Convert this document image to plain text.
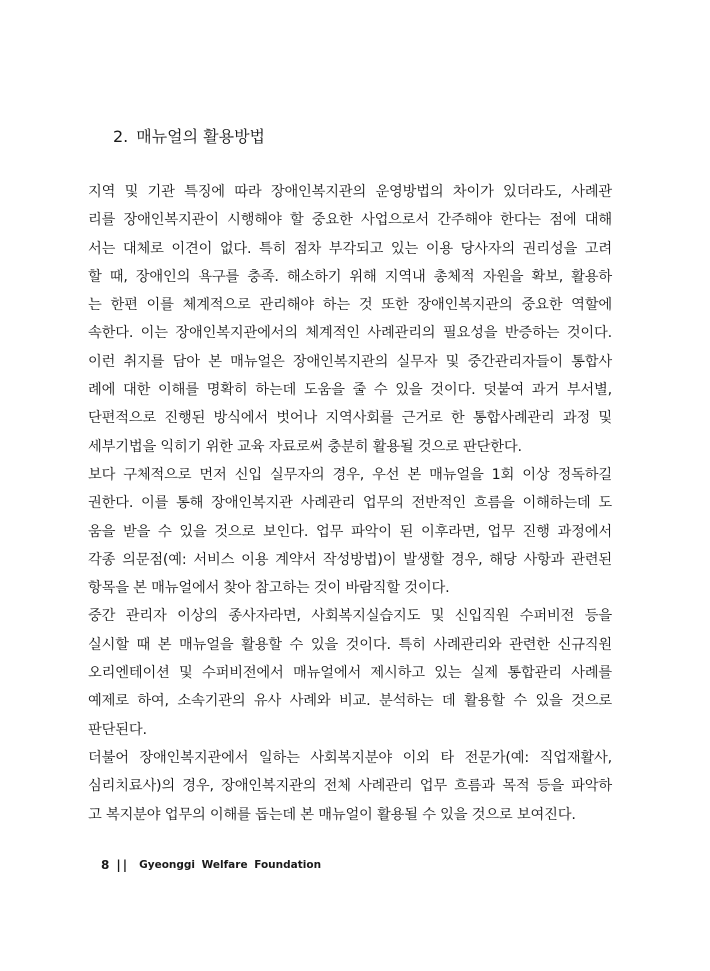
2. 매뉴얼의 활용방법
지역 및 기관 특징에 따라 장애인복지관의 운영방법의 차이가 있더라도, 사례관
리를 장애인복지관이 시행해야 할 중요한 사업으로서 간주해야 한다는 점에 대해
서는 대체로 이견이 없다. 특히 점차 부각되고 있는 이용 당사자의 권리성을 고려
할 때, 장애인의 욕구를 충족. 해소하기 위해 지역내 총체적 자원을 확보, 활용하
는 한편 이를 체계적으로 관리해야 하는 것 또한 장애인복지관의 중요한 역할에
속한다. 이는 장애인복지관에서의 체계적인 사례관리의 필요성을 반증하는 것이다.
이런 취지를 담아 본 매뉴얼은 장애인복지관의 실무자 및 중간관리자들이 통합사
례에 대한 이해를 명확히 하는데 도움을 줄 수 있을 것이다. 덧붙여 과거 부서별,
단편적으로 진행된 방식에서 벗어나 지역사회를 근거로 한 통합사례관리 과정 및
세부기법을 익히기 위한 교육 자료로써 충분히 활용될 것으로 판단한다.
보다 구체적으로 먼저 신입 실무자의 경우, 우선 본 매뉴얼을 1회 이상 정독하길
권한다. 이를 통해 장애인복지관 사례관리 업무의 전반적인 흐름을 이해하는데 도
움을 받을 수 있을 것으로 보인다. 업무 파악이 된 이후라면, 업무 진행 과정에서
각종 의문점(예: 서비스 이용 계약서 작성방법)이 발생할 경우, 해당 사항과 관련된
항목을 본 매뉴얼에서 찾아 참고하는 것이 바람직할 것이다.
중간 관리자 이상의 종사자라면, 사회복지실습지도 및 신입직원 수퍼비전 등을
실시할 때 본 매뉴얼을 활용할 수 있을 것이다. 특히 사례관리와 관련한 신규직원
오리엔테이션 및 수퍼비전에서 매뉴얼에서 제시하고 있는 실제 통합관리 사례를
예제로 하여, 소속기관의 유사 사례와 비교. 분석하는 데 활용할 수 있을 것으로
판단된다.
더불어 장애인복지관에서 일하는 사회복지분야 이외 타 전문가(예: 직업재활사,
심리치료사)의 경우, 장애인복지관의 전체 사례관리 업무 흐름과 목적 등을 파악하
고 복지분야 업무의 이해를 돕는데 본 매뉴얼이 활용될 수 있을 것으로 보여진다.
8 || Gyeonggi Welfare Foundation
